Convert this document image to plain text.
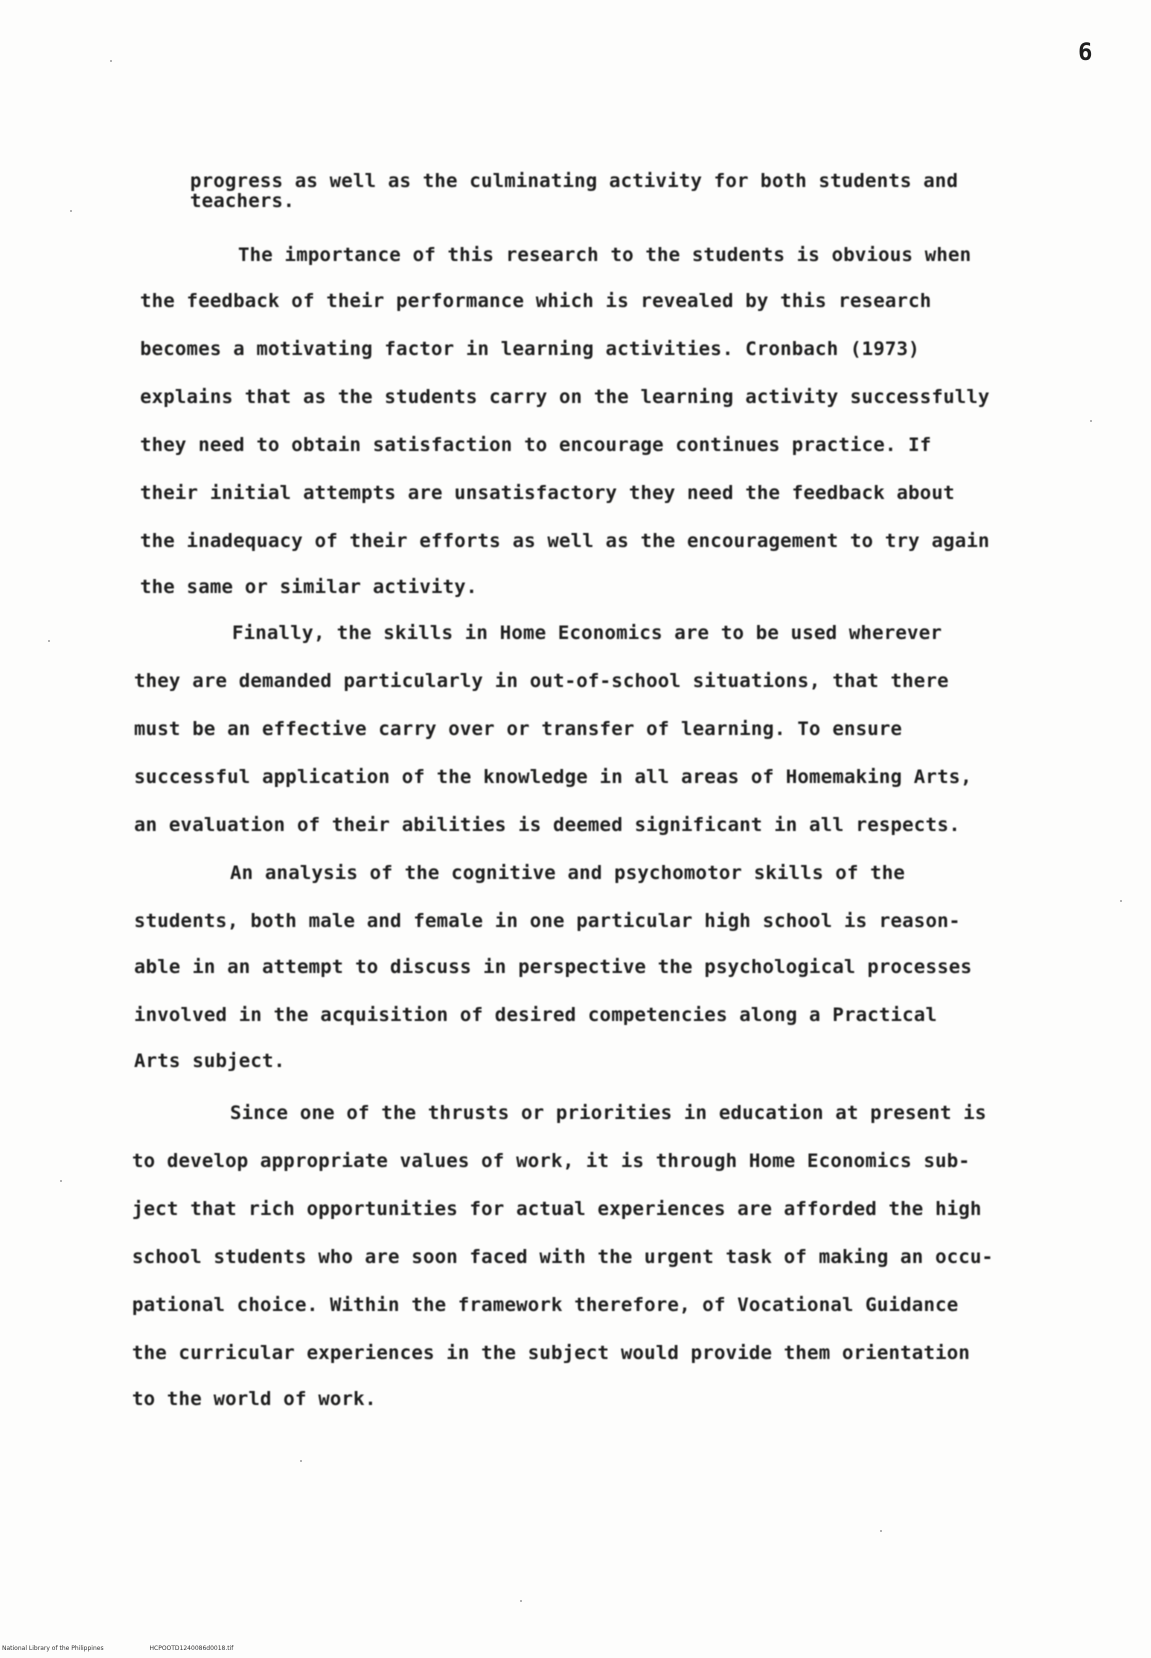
6
progress as well as the culminating activity for both students and
teachers.
The importance of this research to the students is obvious when
the feedback of their performance which is revealed by this research
becomes a motivating factor in learning activities. Cronbach (1973)
explains that as the students carry on the learning activity successfully
they need to obtain satisfaction to encourage continues practice. If
their initial attempts are unsatisfactory they need the feedback about
the inadequacy of their efforts as well as the encouragement to try again
the same or similar activity.
Finally, the skills in Home Economics are to be used wherever
they are demanded particularly in out-of-school situations, that there
must be an effective carry over or transfer of learning. To ensure
successful application of the knowledge in all areas of Homemaking Arts,
an evaluation of their abilities is deemed significant in all respects.
An analysis of the cognitive and psychomotor skills of the
students, both male and female in one particular high school is reason-
able in an attempt to discuss in perspective the psychological processes
involved in the acquisition of desired competencies along a Practical
Arts subject.
Since one of the thrusts or priorities in education at present is
to develop appropriate values of work, it is through Home Economics sub-
ject that rich opportunities for actual experiences are afforded the high
school students who are soon faced with the urgent task of making an occu-
pational choice. Within the framework therefore, of Vocational Guidance
the curricular experiences in the subject would provide them orientation
to the world of work.
National Library of the Philippines	HCPOOTD1240086d0018.tif
